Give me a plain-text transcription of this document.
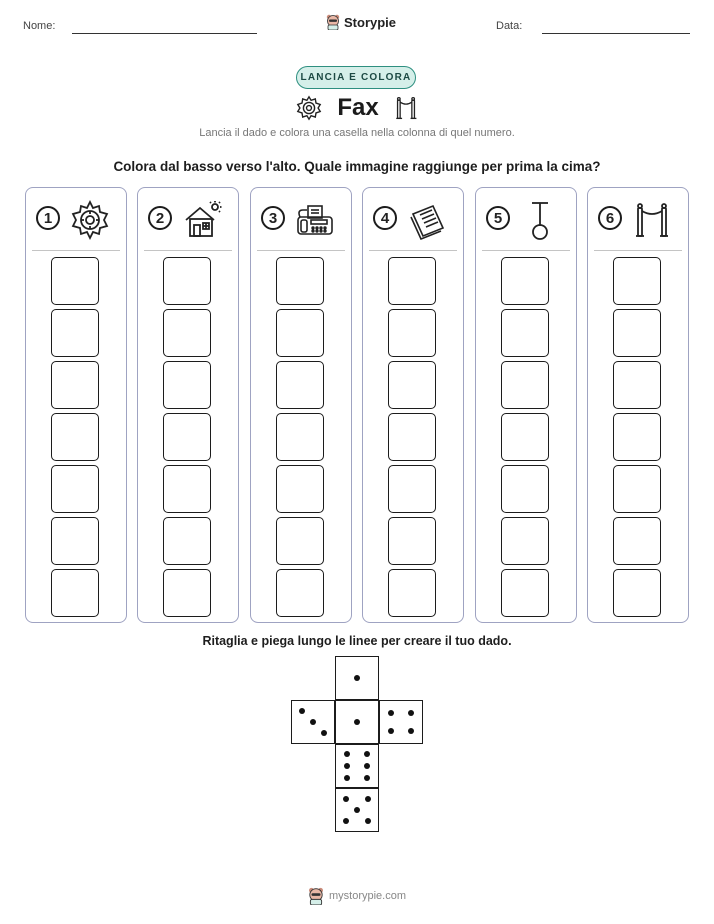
Nome:	Storypie	Data:
LANCIA E COLORA
Fax
Lancia il dado e colora una casella nella colonna di quel numero.
Colora dal basso verso l'alto. Quale immagine raggiunge per prima la cima?
1	2	3	4	5	6
Ritaglia e piega lungo le linee per creare il tuo dado.
mystorypie.com
